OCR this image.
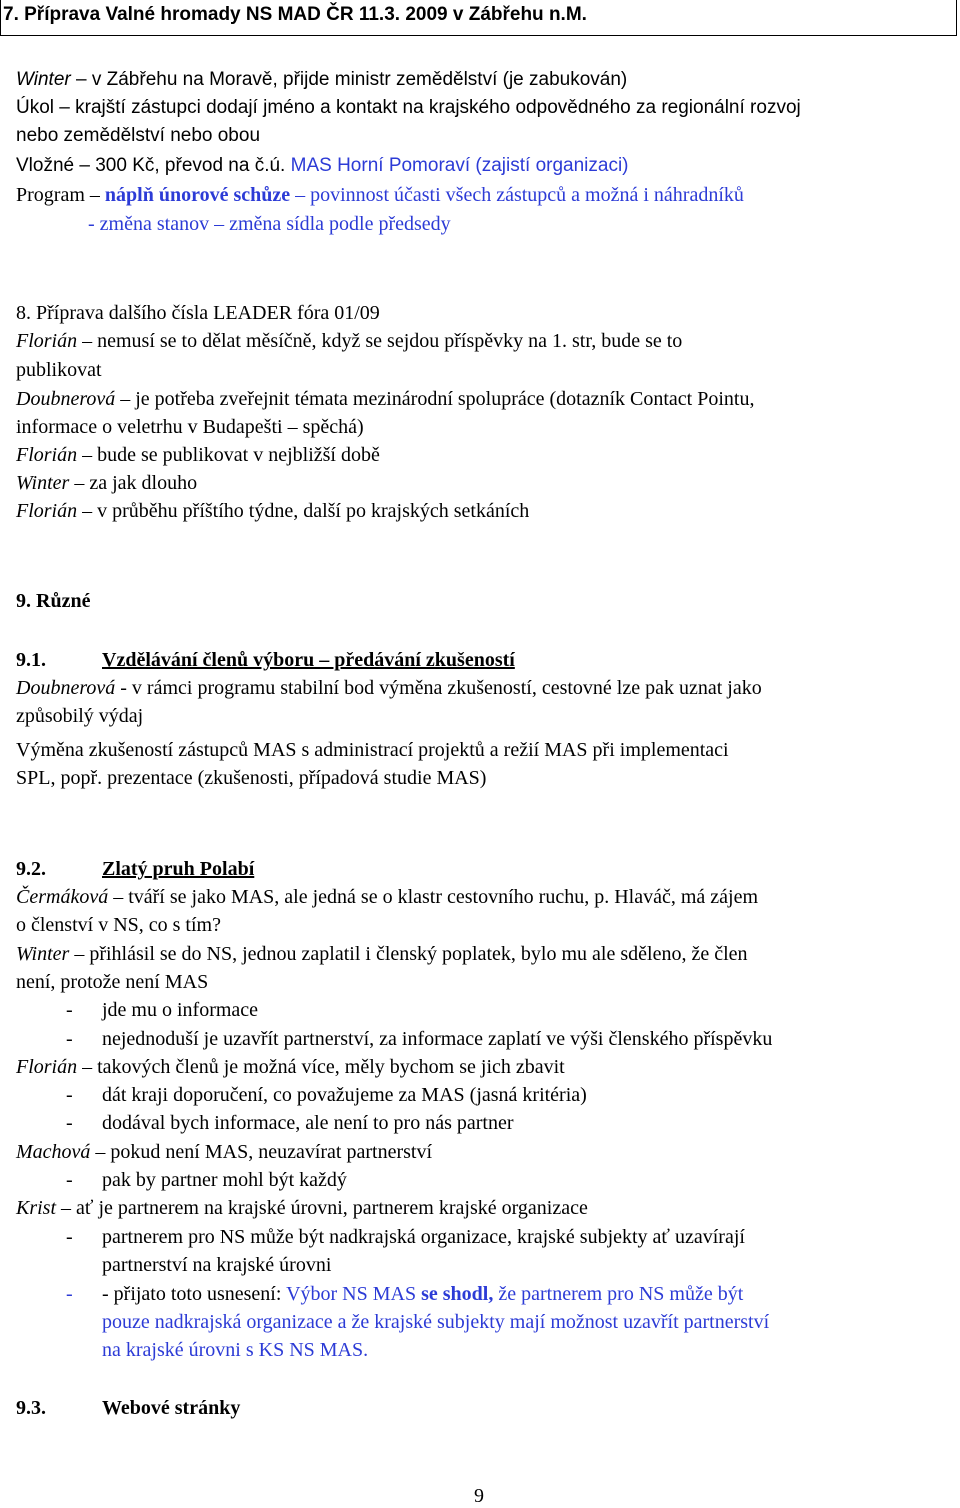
7. Příprava Valné hromady NS MAD ČR 11.3. 2009 v Zábřehu n.M.
Winter – v Zábřehu na Moravě, přijde ministr zemědělství (je zabukován)
Úkol – krajští zástupci dodají jméno a kontakt na krajského odpovědného za regionální rozvoj
nebo zemědělství nebo obou
Vložné – 300 Kč, převod na č.ú. MAS Horní Pomoraví (zajistí organizaci)
Program – náplň únorové schůze – povinnost účasti všech zástupců a možná i náhradníků
- změna stanov – změna sídla podle předsedy
8. Příprava dalšího čísla LEADER fóra 01/09
Florián – nemusí se to dělat měsíčně, když se sejdou příspěvky na 1. str, bude se to
publikovat
Doubnerová – je potřeba zveřejnit témata mezinárodní spolupráce (dotazník Contact Pointu,
informace o veletrhu v Budapešti – spěchá)
Florián – bude se publikovat v nejbližší době
Winter – za jak dlouho
Florián – v průběhu příštího týdne, další po krajských setkáních
9. Různé
9.1.	Vzdělávání členů výboru – předávání zkušeností
Doubnerová - v rámci programu stabilní bod výměna zkušeností, cestovné lze pak uznat jako
způsobilý výdaj
Výměna zkušeností zástupců MAS s administrací projektů a režií MAS při implementaci
SPL, popř. prezentace (zkušenosti, případová studie MAS)
9.2.	Zlatý pruh Polabí
Čermáková – tváří se jako MAS, ale jedná se o klastr cestovního ruchu, p. Hlaváč, má zájem
o členství v NS, co s tím?
Winter – přihlásil se do NS, jednou zaplatil i členský poplatek, bylo mu ale sděleno, že člen
není, protože není MAS
- jde mu o informace
- nejednoduší je uzavřít partnerství, za informace zaplatí ve výši členského příspěvku
Florián – takových členů je možná více, měly bychom se jich zbavit
- dát kraji doporučení, co považujeme za MAS (jasná kritéria)
- dodával bych informace, ale není to pro nás partner
Machová – pokud není MAS, neuzavírat partnerství
- pak by partner mohl být každý
Krist – ať je partnerem na krajské úrovni, partnerem krajské organizace
- partnerem pro NS může být nadkrajská organizace, krajské subjekty ať uzavírají
partnerství na krajské úrovni
- - přijato toto usnesení: Výbor NS MAS se shodl, že partnerem pro NS může být
pouze nadkrajská organizace a že krajské subjekty mají možnost uzavřít partnerství
na krajské úrovni s KS NS MAS.
9.3.	Webové stránky
9
